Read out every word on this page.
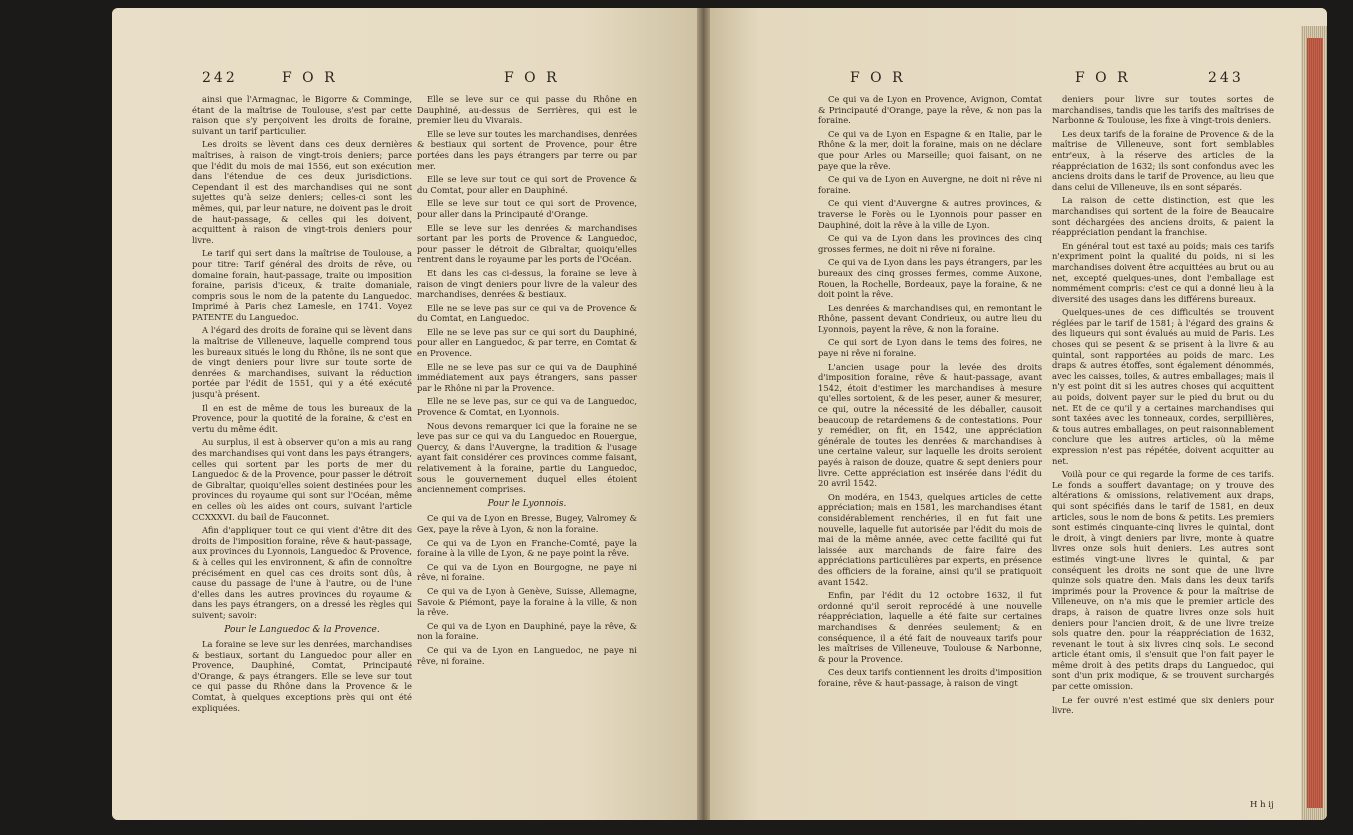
242	F O R	F O R

ainsi que l'Armagnac, le Bigorre & Comminge, étant de la maîtrise de Toulouse, s'est par cette raison que s'y perçoivent les droits de foraine, suivant un tarif particulier.

Les droits se lèvent dans ces deux dernières maîtrises, à raison de vingt-trois deniers; parce que l'édit du mois de mai 1556, eut son exécution dans l'étendue de ces deux jurisdictions. Cependant il est des marchandises qui ne sont sujettes qu'à seize deniers; celles-ci sont les mêmes, qui, par leur nature, ne doivent pas le droit de haut-passage, & celles qui les doivent, acquittent à raison de vingt-trois deniers pour livre.

Le tarif qui sert dans la maîtrise de Toulouse, a pour titre: Tarif général des droits de rêve, ou domaine forain, haut-passage, traite ou imposition foraine, parisis d'iceux, & traite domaniale, compris sous le nom de la patente du Languedoc. Imprimé à Paris chez Lamesle, en 1741. Voyez PATENTE du Languedoc.

A l'égard des droits de foraine qui se lèvent dans la maîtrise de Villeneuve, laquelle comprend tous les bureaux situés le long du Rhône, ils ne sont que de vingt deniers pour livre sur toute sorte de denrées & marchandises, suivant la réduction portée par l'édit de 1551, qui y a été exécuté jusqu'à présent.

Il en est de même de tous les bureaux de la Provence, pour la quotité de la foraine, & c'est en vertu du même édit.

Au surplus, il est à observer qu'on a mis au rang des marchandises qui vont dans les pays étrangers, celles qui sortent par les ports de mer du Languedoc & de la Provence, pour passer le détroit de Gibraltar, quoiqu'elles soient destinées pour les provinces du royaume qui sont sur l'Océan, même en celles où les aides ont cours, suivant l'article CCXXXVI. du bail de Fauconnet.

Afin d'appliquer tout ce qui vient d'être dit des droits de l'imposition foraine, rêve & haut-passage, aux provinces du Lyonnois, Languedoc & Provence, & à celles qui les environnent, & afin de connoître précisément en quel cas ces droits sont dûs, à cause du passage de l'une à l'autre, ou de l'une d'elles dans les autres provinces du royaume & dans les pays étrangers, on a dressé les règles qui suivent; savoir:

Pour le Languedoc & la Provence.

La foraine se leve sur les denrées, marchandises & bestiaux, sortant du Languedoc pour aller en Provence, Dauphiné, Comtat, Principauté d'Orange, & pays étrangers. Elle se leve sur tout ce qui passe du Rhône dans la Provence & le Comtat, à quelques exceptions près qui ont été expliquées.

Elle se leve sur ce qui passe du Rhône en Dauphiné, au-dessus de Serrières, qui est le premier lieu du Vivarais.

Elle se leve sur toutes les marchandises, denrées & bestiaux qui sortent de Provence, pour être portées dans les pays étrangers par terre ou par mer.

Elle se leve sur tout ce qui sort de Provence & du Comtat, pour aller en Dauphiné.

Elle se leve sur tout ce qui sort de Provence, pour aller dans la Principauté d'Orange.

Elle se leve sur les denrées & marchandises sortant par les ports de Provence & Languedoc, pour passer le détroit de Gibraltar, quoiqu'elles rentrent dans le royaume par les ports de l'Océan.

Et dans les cas ci-dessus, la foraine se leve à raison de vingt deniers pour livre de la valeur des marchandises, denrées & bestiaux.

Elle ne se leve pas sur ce qui va de Provence & du Comtat, en Languedoc.

Elle ne se leve pas sur ce qui sort du Dauphiné, pour aller en Languedoc, & par terre, en Comtat & en Provence.

Elle ne se leve pas sur ce qui va de Dauphiné immédiatement aux pays étrangers, sans passer par le Rhône ni par la Provence.

Elle ne se leve pas, sur ce qui va de Languedoc, Provence & Comtat, en Lyonnois.

Nous devons remarquer ici que la foraine ne se leve pas sur ce qui va du Languedoc en Rouergue, Quercy, & dans l'Auvergne, la tradition & l'usage ayant fait considérer ces provinces comme faisant, relativement à la foraine, partie du Languedoc, sous le gouvernement duquel elles étoient anciennement comprises.

Pour le Lyonnois.

Ce qui va de Lyon en Bresse, Bugey, Valromey & Gex, paye la rêve à Lyon, & non la foraine.

Ce qui va de Lyon en Franche-Comté, paye la foraine à la ville de Lyon, & ne paye point la rêve.

Ce qui va de Lyon en Bourgogne, ne paye ni rêve, ni foraine.

Ce qui va de Lyon à Genève, Suisse, Allemagne, Savoie & Piémont, paye la foraine à la ville, & non la rêve.

Ce qui va de Lyon en Dauphiné, paye la rêve, & non la foraine.

Ce qui va de Lyon en Languedoc, ne paye ni rêve, ni foraine.

F O R	F O R	243

Ce qui va de Lyon en Provence, Avignon, Comtat & Principauté d'Orange, paye la rêve, & non pas la foraine.

Ce qui va de Lyon en Espagne & en Italie, par le Rhône & la mer, doit la foraine, mais on ne déclare que pour Arles ou Marseille; quoi faisant, on ne paye que la rêve.

Ce qui va de Lyon en Auvergne, ne doit ni rêve ni foraine.

Ce qui vient d'Auvergne & autres provinces, & traverse le Forès ou le Lyonnois pour passer en Dauphiné, doit la rêve à la ville de Lyon.

Ce qui va de Lyon dans les provinces des cinq grosses fermes, ne doit ni rêve ni foraine.

Ce qui va de Lyon dans les pays étrangers, par les bureaux des cinq grosses fermes, comme Auxone, Rouen, la Rochelle, Bordeaux, paye la foraine, & ne doit point la rêve.

Les denrées & marchandises qui, en remontant le Rhône, passent devant Condrieux, ou autre lieu du Lyonnois, payent la rêve, & non la foraine.

Ce qui sort de Lyon dans le tems des foires, ne paye ni rêve ni foraine.

L'ancien usage pour la levée des droits d'imposition foraine, rêve & haut-passage, avant 1542, étoit d'estimer les marchandises à mesure qu'elles sortoient, & de les peser, auner & mesurer, ce qui, outre la nécessité de les déballer, causoit beaucoup de retardemens & de contestations. Pour y remédier, on fit, en 1542, une appréciation générale de toutes les denrées & marchandises à une certaine valeur, sur laquelle les droits seroient payés à raison de douze, quatre & sept deniers pour livre. Cette appréciation est insérée dans l'édit du 20 avril 1542.

On modéra, en 1543, quelques articles de cette appréciation; mais en 1581, les marchandises étant considérablement renchéries, il en fut fait une nouvelle, laquelle fut autorisée par l'édit du mois de mai de la même année, avec cette facilité qui fut laissée aux marchands de faire faire des appréciations particulières par experts, en présence des officiers de la foraine, ainsi qu'il se pratiquoit avant 1542.

Enfin, par l'édit du 12 octobre 1632, il fut ordonné qu'il seroit reprocédé à une nouvelle réappréciation, laquelle a été faite sur certaines marchandises & denrées seulement; & en conséquence, il a été fait de nouveaux tarifs pour les maîtrises de Villeneuve, Toulouse & Narbonne, & pour la Provence.

Ces deux tarifs contiennent les droits d'imposition foraine, rêve & haut-passage, à raison de vingt

deniers pour livre sur toutes sortes de marchandises, tandis que les tarifs des maîtrises de Narbonne & Toulouse, les fixe à vingt-trois deniers.

Les deux tarifs de la foraine de Provence & de la maîtrise de Villeneuve, sont fort semblables entr'eux, à la réserve des articles de la réappréciation de 1632; ils sont confondus avec les anciens droits dans le tarif de Provence, au lieu que dans celui de Villeneuve, ils en sont séparés.

La raison de cette distinction, est que les marchandises qui sortent de la foire de Beaucaire sont déchargées des anciens droits, & paient la réappréciation pendant la franchise.

En général tout est taxé au poids; mais ces tarifs n'expriment point la qualité du poids, ni si les marchandises doivent être acquittées au brut ou au net, excepté quelques-unes, dont l'emballage est nommément compris: c'est ce qui a donné lieu à la diversité des usages dans les différens bureaux.

Quelques-unes de ces difficultés se trouvent réglées par le tarif de 1581; à l'égard des grains & des liqueurs qui sont évalués au muid de Paris. Les choses qui se pesent & se prisent à la livre & au quintal, sont rapportées au poids de marc. Les draps & autres étoffes, sont également dénommés, avec les caisses, toiles, & autres emballages; mais il n'y est point dit si les autres choses qui acquittent au poids, doivent payer sur le pied du brut ou du net. Et de ce qu'il y a certaines marchandises qui sont taxées avec les tonneaux, cordes, serpillières, & tous autres emballages, on peut raisonnablement conclure que les autres articles, où la même expression n'est pas répétée, doivent acquitter au net.

Voilà pour ce qui regarde la forme de ces tarifs. Le fonds a souffert davantage; on y trouve des altérations & omissions, relativement aux draps, qui sont spécifiés dans le tarif de 1581, en deux articles, sous le nom de bons & petits. Les premiers sont estimés cinquante-cinq livres le quintal, dont le droit, à vingt deniers par livre, monte à quatre livres onze sols huit deniers. Les autres sont estimés vingt-une livres le quintal, & par conséquent les droits ne sont que de une livre quinze sols quatre den. Mais dans les deux tarifs imprimés pour la Provence & pour la maîtrise de Villeneuve, on n'a mis que le premier article des draps, à raison de quatre livres onze sols huit deniers pour l'ancien droit, & de une livre treize sols quatre den. pour la réappréciation de 1632, revenant le tout à six livres cinq sols. Le second article étant omis, il s'ensuit que l'on fait payer le même droit à des petits draps du Languedoc, qui sont d'un prix modique, & se trouvent surchargés par cette omission.

Le fer ouvré n'est estimé que six deniers pour livre.

H h ij
